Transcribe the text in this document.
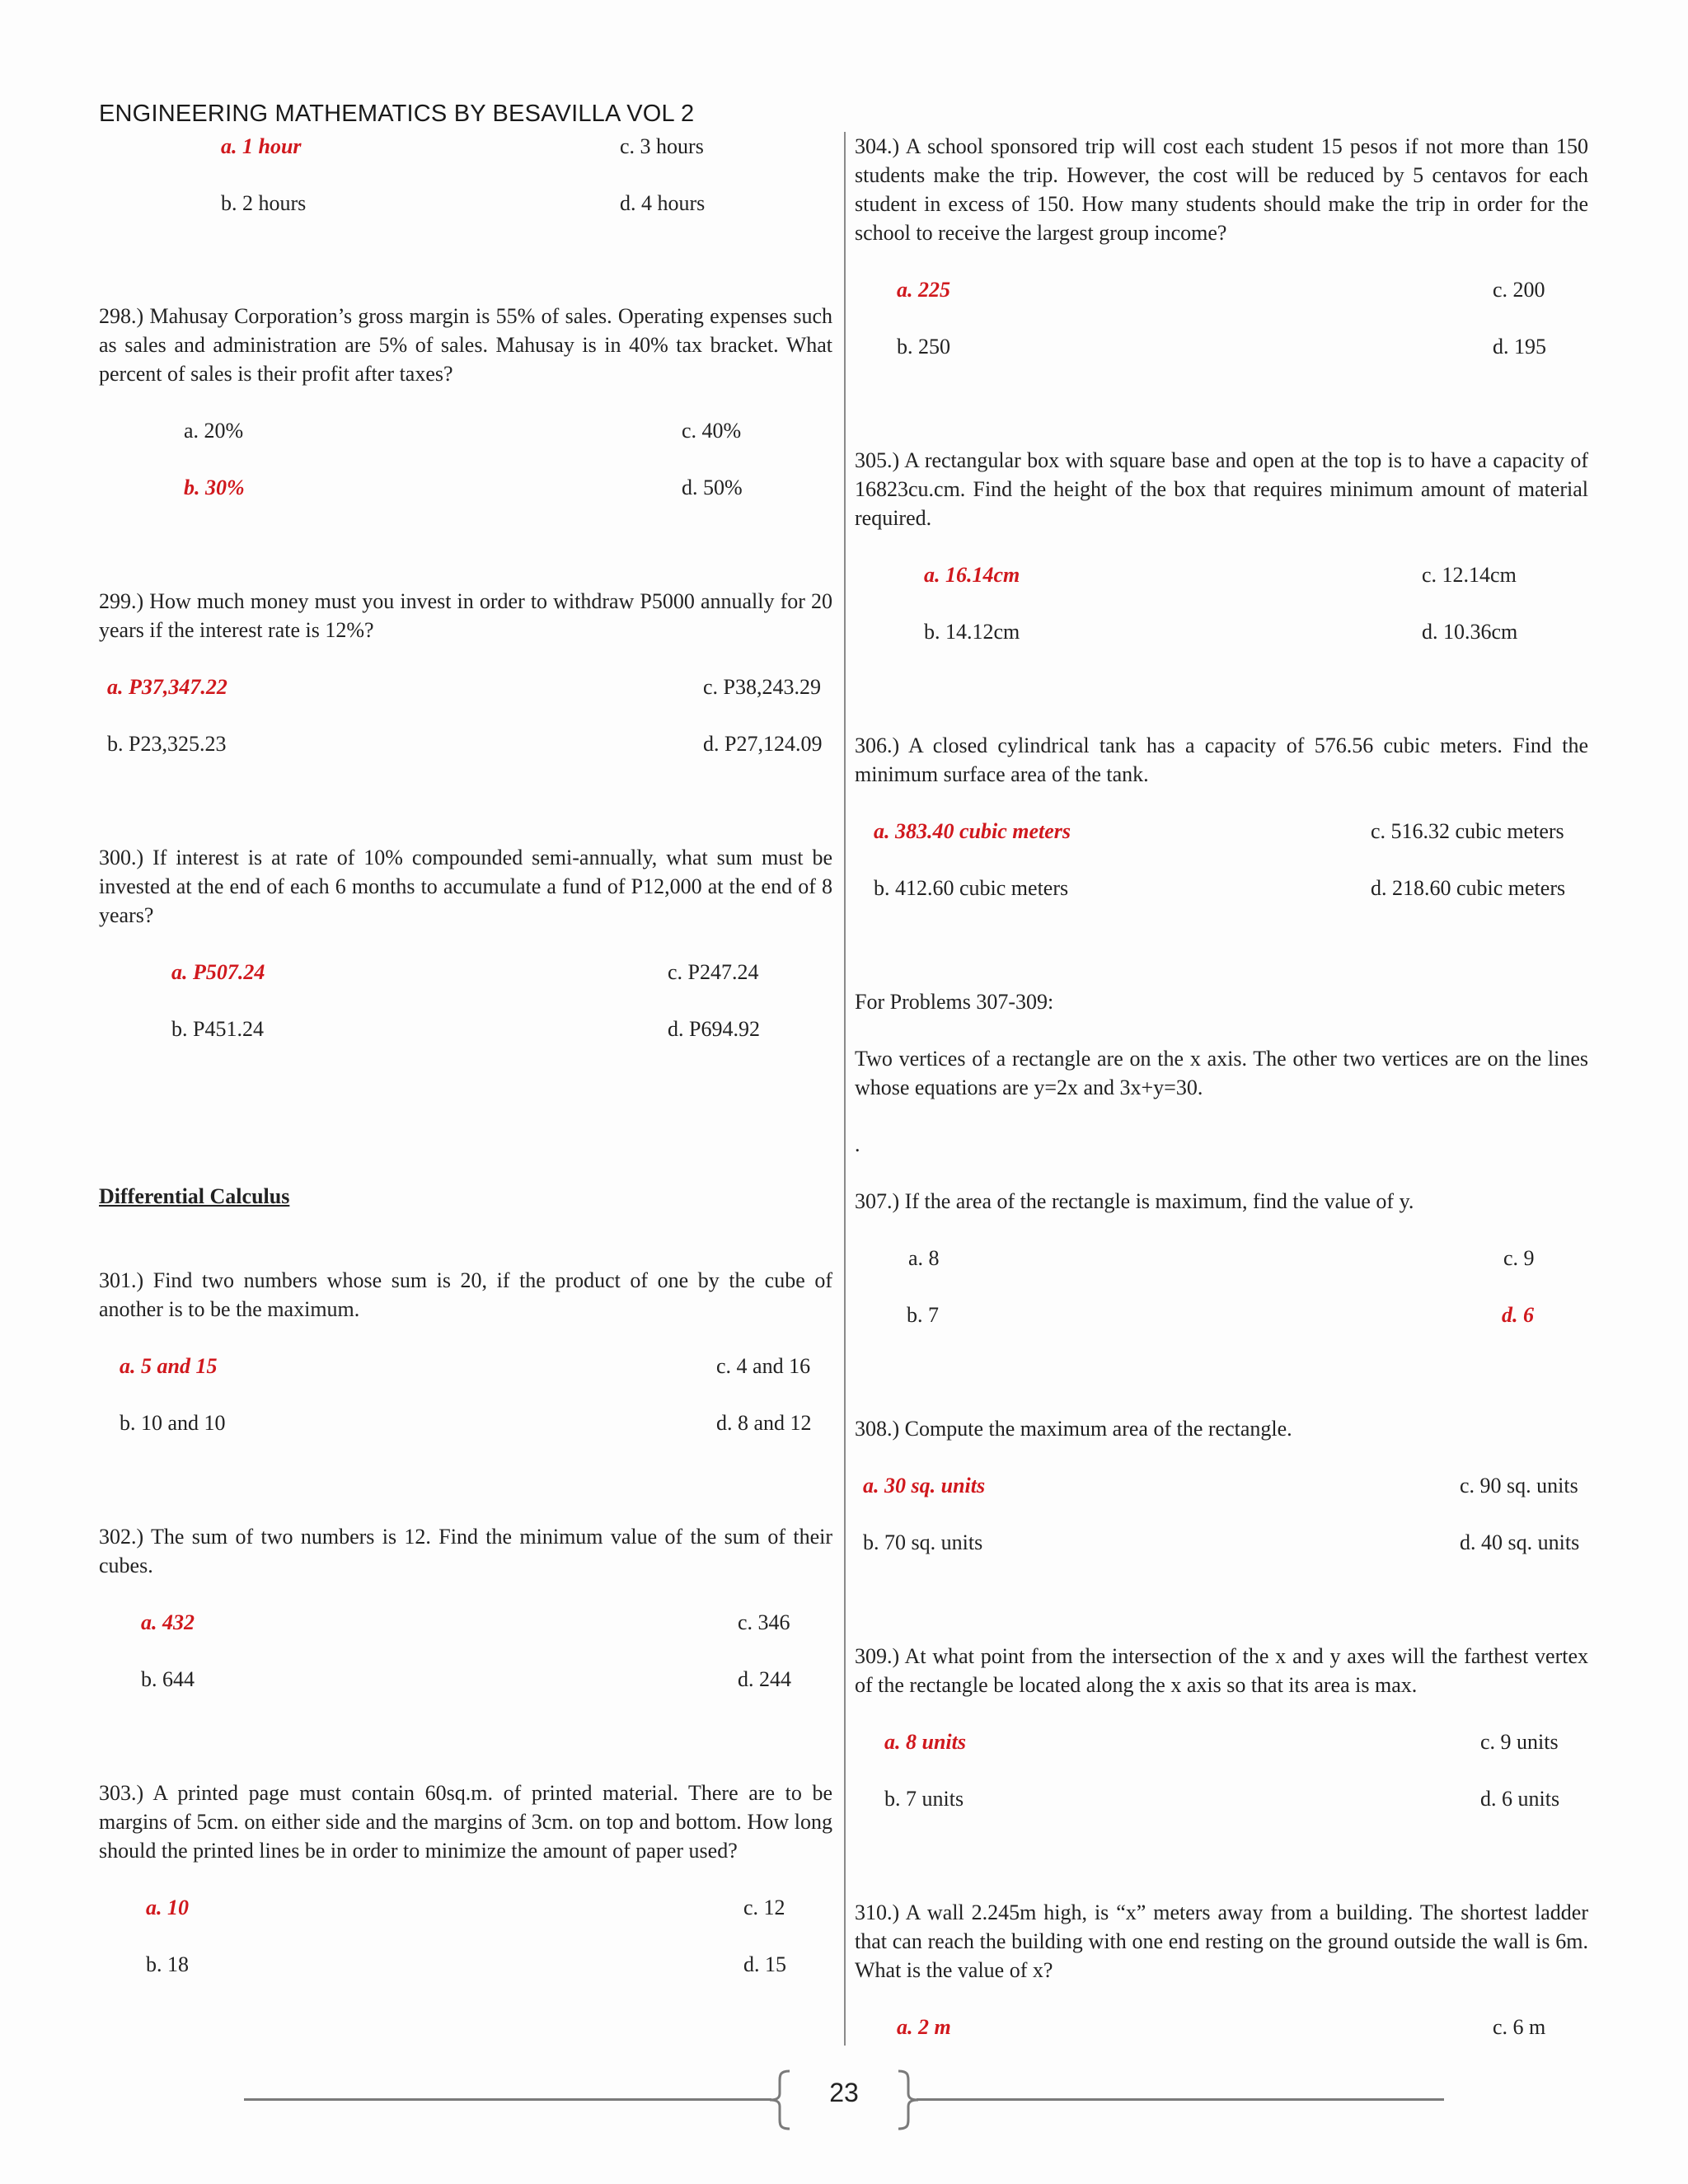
ENGINEERING MATHEMATICS BY BESAVILLA VOL 2
a. 1 hour	c. 3 hours
b. 2 hours	d. 4 hours

298.) Mahusay Corporation’s gross margin is 55% of sales. Operating expenses such as sales and administration are 5% of sales. Mahusay is in 40% tax bracket. What percent of sales is their profit after taxes?

a. 20%	c. 40%
b. 30%	d. 50%

299.) How much money must you invest in order to withdraw P5000 annually for 20 years if the interest rate is 12%?

a. P37,347.22	c. P38,243.29
b. P23,325.23	d. P27,124.09

300.) If interest is at rate of 10% compounded semi-annually, what sum must be invested at the end of each 6 months to accumulate a fund of P12,000 at the end of 8 years?

a. P507.24	c. P247.24
b. P451.24	d. P694.92
Differential Calculus

301.) Find two numbers whose sum is 20, if the product of one by the cube of another is to be the maximum.

a. 5 and 15	c. 4 and 16
b. 10 and 10	d. 8 and 12

302.) The sum of two numbers is 12. Find the minimum value of the sum of their cubes.

a. 432	c. 346
b. 644	d. 244

303.) A printed page must contain 60sq.m. of printed material. There are to be margins of 5cm. on either side and the margins of 3cm. on top and bottom. How long should the printed lines be in order to minimize the amount of paper used?

a. 10	c. 12
b. 18	d. 15

304.) A school sponsored trip will cost each student 15 pesos if not more than 150 students make the trip. However, the cost will be reduced by 5 centavos for each student in excess of 150. How many students should make the trip in order for the school to receive the largest group income?

a. 225	c. 200
b. 250	d. 195

305.) A rectangular box with square base and open at the top is to have a capacity of 16823cu.cm. Find the height of the box that requires minimum amount of material required.

a. 16.14cm	c. 12.14cm
b. 14.12cm	d. 10.36cm

306.) A closed cylindrical tank has a capacity of 576.56 cubic meters. Find the minimum surface area of the tank.

a. 383.40 cubic meters	c. 516.32 cubic meters
b. 412.60 cubic meters	d. 218.60 cubic meters
For Problems 307-309:

Two vertices of a rectangle are on the x axis. The other two vertices are on the lines whose equations are y=2x and 3x+y=30.

.

307.) If the area of the rectangle is maximum, find the value of y.

a. 8	c. 9
b. 7	d. 6

308.) Compute the maximum area of the rectangle.

a. 30 sq. units	c. 90 sq. units
b. 70 sq. units	d. 40 sq. units

309.) At what point from the intersection of the x and y axes will the farthest vertex of the rectangle be located along the x axis so that its area is max.

a. 8 units	c. 9 units
b. 7 units	d. 6 units

310.) A wall 2.245m high, is “x” meters away from a building. The shortest ladder that can reach the building with one end resting on the ground outside the wall is 6m. What is the value of x?

a. 2 m	c. 6 m
23
